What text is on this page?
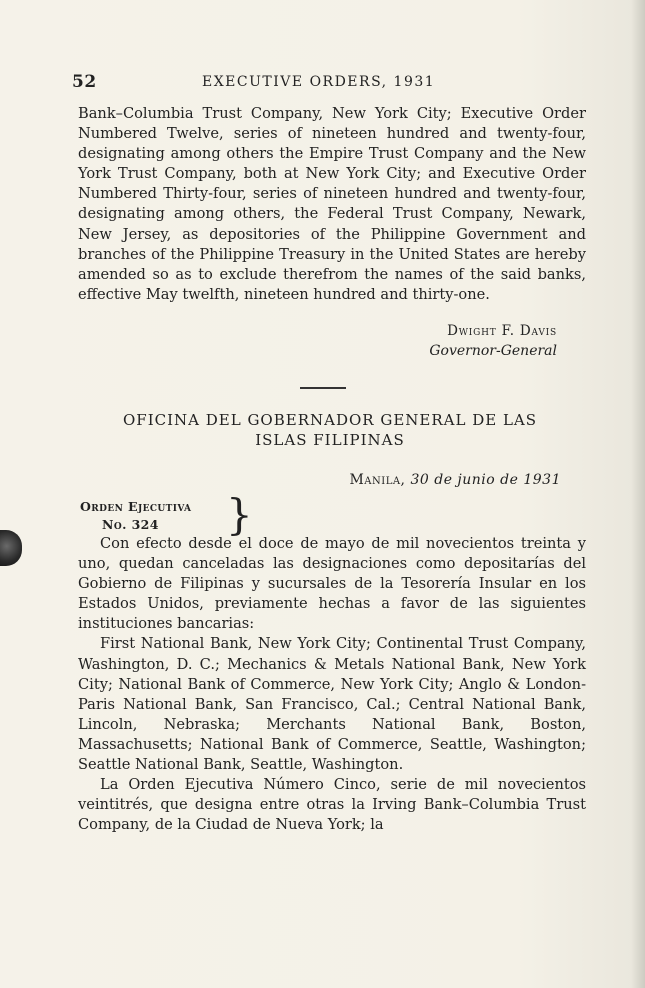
52	EXECUTIVE ORDERS, 1931

Bank–Columbia Trust Company, New York City; Executive Order Numbered Twelve, series of nineteen hundred and twenty-four, designating among others the Empire Trust Company and the New York Trust Company, both at New York City; and Executive Order Numbered Thirty-four, series of nineteen hundred and twenty-four, designating among others, the Federal Trust Company, Newark, New Jersey, as depositories of the Philippine Government and branches of the Philippine Treasury in the United States are hereby amended so as to exclude therefrom the names of the said banks, effective May twelfth, nineteen hundred and thirty-one.

Dwight F. Davis
Governor-General
OFICINA DEL GOBERNADOR GENERAL DE LAS
ISLAS FILIPINAS
Manila, 30 de junio de 1931
Orden Ejecutiva
No. 324	}

Con efecto desde el doce de mayo de mil novecientos treinta y uno, quedan canceladas las designaciones como depositarías del Gobierno de Filipinas y sucursales de la Tesorería Insular en los Estados Unidos, previamente hechas a favor de las siguientes instituciones bancarias:

First National Bank, New York City; Continental Trust Company, Washington, D. C.; Mechanics & Metals National Bank, New York City; National Bank of Commerce, New York City; Anglo & London-Paris National Bank, San Francisco, Cal.; Central National Bank, Lincoln, Nebraska; Merchants National Bank, Boston, Massachusetts; National Bank of Commerce, Seattle, Washington; Seattle National Bank, Seattle, Washington.

La Orden Ejecutiva Número Cinco, serie de mil novecientos veintitrés, que designa entre otras la Irving Bank–Columbia Trust Company, de la Ciudad de Nueva York; la
